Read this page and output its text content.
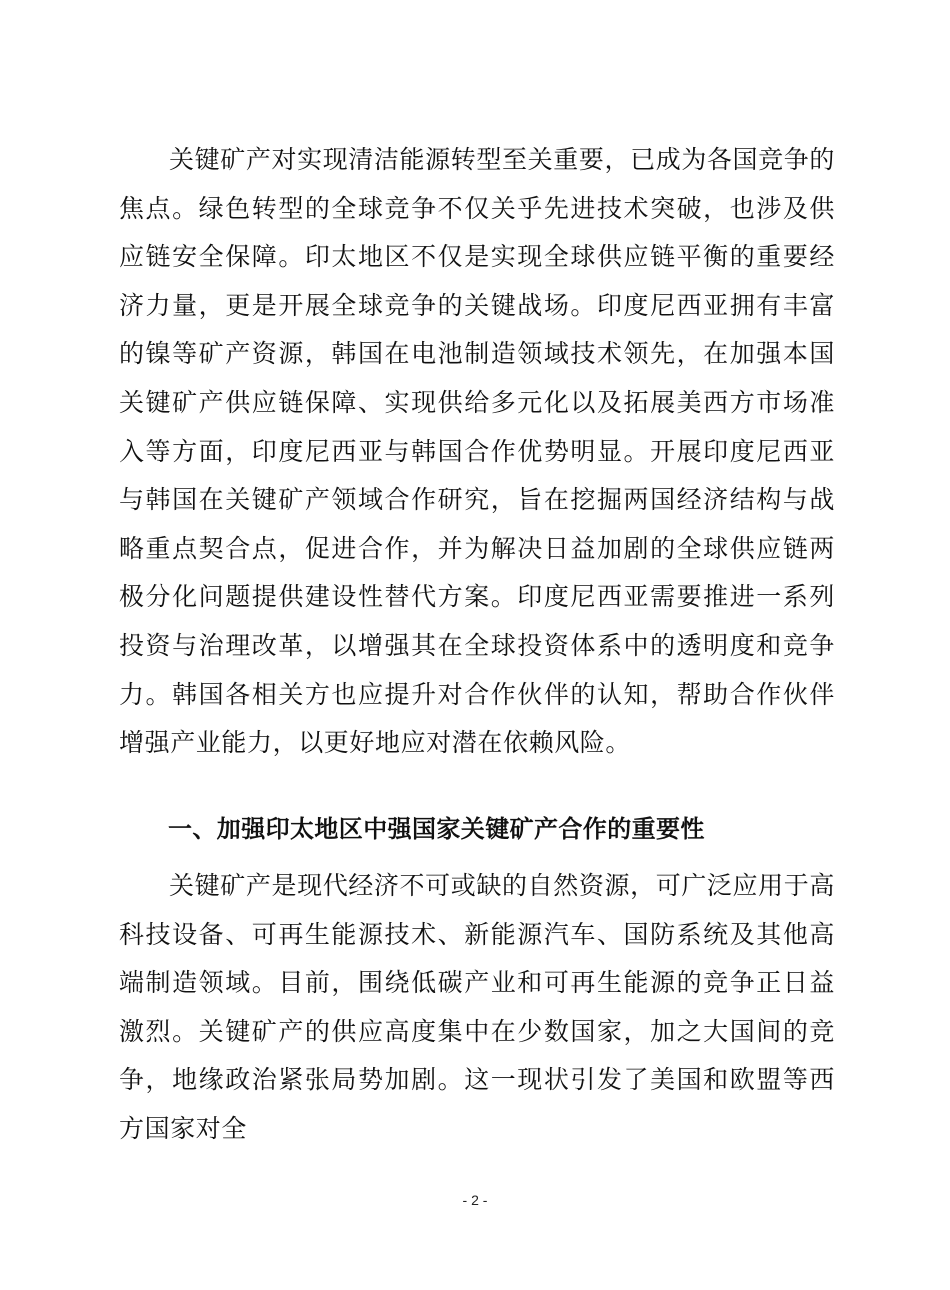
关键矿产对实现清洁能源转型至关重要，已成为各国竞争的焦点。绿色转型的全球竞争不仅关乎先进技术突破，也涉及供应链安全保障。印太地区不仅是实现全球供应链平衡的重要经济力量，更是开展全球竞争的关键战场。印度尼西亚拥有丰富的镍等矿产资源，韩国在电池制造领域技术领先，在加强本国关键矿产供应链保障、实现供给多元化以及拓展美西方市场准入等方面，印度尼西亚与韩国合作优势明显。开展印度尼西亚与韩国在关键矿产领域合作研究，旨在挖掘两国经济结构与战略重点契合点，促进合作，并为解决日益加剧的全球供应链两极分化问题提供建设性替代方案。印度尼西亚需要推进一系列投资与治理改革，以增强其在全球投资体系中的透明度和竞争力。韩国各相关方也应提升对合作伙伴的认知，帮助合作伙伴增强产业能力，以更好地应对潜在依赖风险。

一、加强印太地区中强国家关键矿产合作的重要性

关键矿产是现代经济不可或缺的自然资源，可广泛应用于高科技设备、可再生能源技术、新能源汽车、国防系统及其他高端制造领域。目前，围绕低碳产业和可再生能源的竞争正日益激烈。关键矿产的供应高度集中在少数国家，加之大国间的竞争，地缘政治紧张局势加剧。这一现状引发了美国和欧盟等西方国家对全

- 2 -
